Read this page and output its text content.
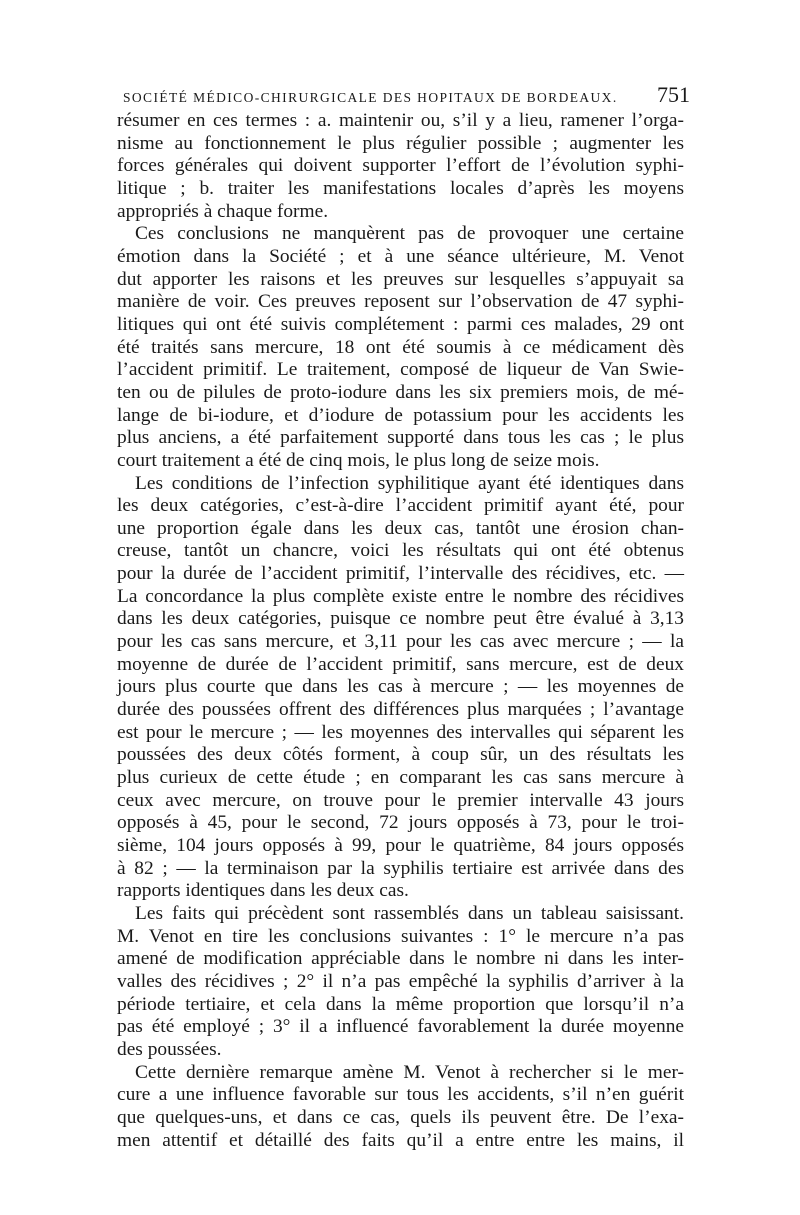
SOCIÉTÉ MÉDICO-CHIRURGICALE DES HOPITAUX DE BORDEAUX. 751
résumer en ces termes : a. maintenir ou, s’il y a lieu, ramener l’orga-
nisme au fonctionnement le plus régulier possible ; augmenter les
forces générales qui doivent supporter l’effort de l’évolution syphi-
litique ; b. traiter les manifestations locales d’après les moyens
appropriés à chaque forme.
Ces conclusions ne manquèrent pas de provoquer une certaine
émotion dans la Société ; et à une séance ultérieure, M. Venot
dut apporter les raisons et les preuves sur lesquelles s’appuyait sa
manière de voir. Ces preuves reposent sur l’observation de 47 syphi-
litiques qui ont été suivis complétement : parmi ces malades, 29 ont
été traités sans mercure, 18 ont été soumis à ce médicament dès
l’accident primitif. Le traitement, composé de liqueur de Van Swie-
ten ou de pilules de proto-iodure dans les six premiers mois, de mé-
lange de bi-iodure, et d’iodure de potassium pour les accidents les
plus anciens, a été parfaitement supporté dans tous les cas ; le plus
court traitement a été de cinq mois, le plus long de seize mois.
Les conditions de l’infection syphilitique ayant été identiques dans
les deux catégories, c’est-à-dire l’accident primitif ayant été, pour
une proportion égale dans les deux cas, tantôt une érosion chan-
creuse, tantôt un chancre, voici les résultats qui ont été obtenus
pour la durée de l’accident primitif, l’intervalle des récidives, etc. —
La concordance la plus complète existe entre le nombre des récidives
dans les deux catégories, puisque ce nombre peut être évalué à 3,13
pour les cas sans mercure, et 3,11 pour les cas avec mercure ; — la
moyenne de durée de l’accident primitif, sans mercure, est de deux
jours plus courte que dans les cas à mercure ; — les moyennes de
durée des poussées offrent des différences plus marquées ; l’avantage
est pour le mercure ; — les moyennes des intervalles qui séparent les
poussées des deux côtés forment, à coup sûr, un des résultats les
plus curieux de cette étude ; en comparant les cas sans mercure à
ceux avec mercure, on trouve pour le premier intervalle 43 jours
opposés à 45, pour le second, 72 jours opposés à 73, pour le troi-
sième, 104 jours opposés à 99, pour le quatrième, 84 jours opposés
à 82 ; — la terminaison par la syphilis tertiaire est arrivée dans des
rapports identiques dans les deux cas.
Les faits qui précèdent sont rassemblés dans un tableau saisissant.
M. Venot en tire les conclusions suivantes : 1° le mercure n’a pas
amené de modification appréciable dans le nombre ni dans les inter-
valles des récidives ; 2° il n’a pas empêché la syphilis d’arriver à la
période tertiaire, et cela dans la même proportion que lorsqu’il n’a
pas été employé ; 3° il a influencé favorablement la durée moyenne
des poussées.
Cette dernière remarque amène M. Venot à rechercher si le mer-
cure a une influence favorable sur tous les accidents, s’il n’en guérit
que quelques-uns, et dans ce cas, quels ils peuvent être. De l’exa-
men attentif et détaillé des faits qu’il a entre entre les mains, il
